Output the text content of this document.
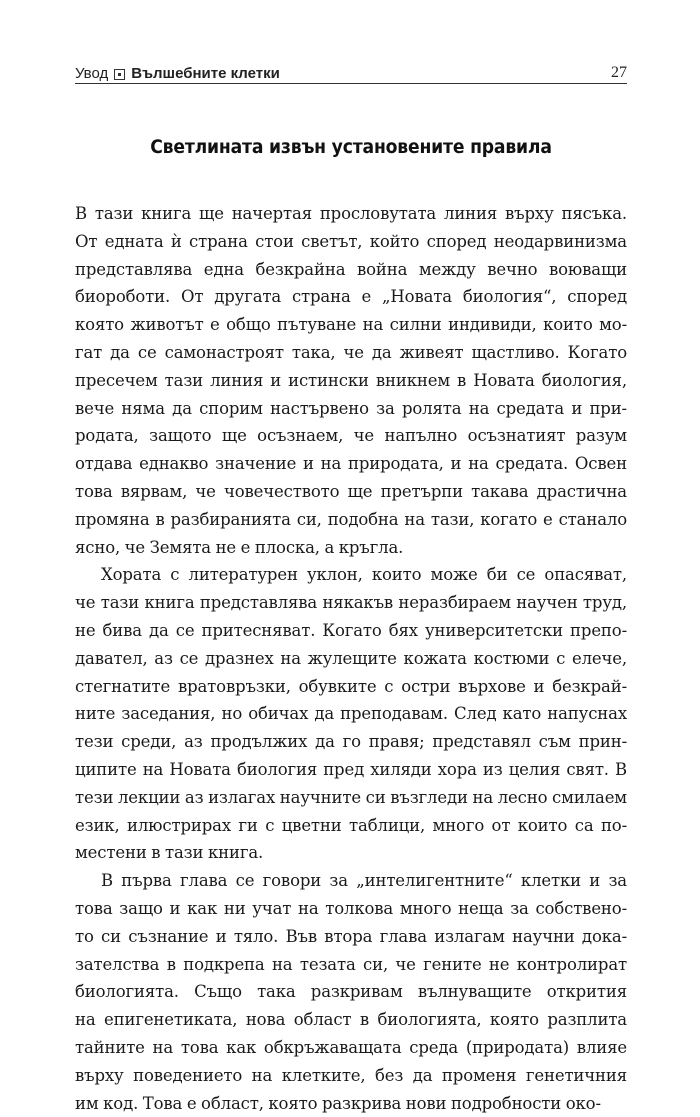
Увод Вълшебните клетки	27
Светлината извън установените правила
В тази книга ще начертая прословутата линия върху пясъка.
От едната ѝ страна стои светът, който според неодарвинизма
представлява една безкрайна война между вечно воюващи
биороботи. От другата страна е „Новата биология“, според
която животът е общо пътуване на силни индивиди, които мо-
гат да се самонастроят така, че да живеят щастливо. Когато
пресечем тази линия и истински вникнем в Новата биология,
вече няма да спорим настървено за ролята на средата и при-
родата, защото ще осъзнаем, че напълно осъзнатият разум
отдава еднакво значение и на природата, и на средата. Освен
това вярвам, че човечеството ще претърпи такава драстична
промяна в разбиранията си, подобна на тази, когато е станало
ясно, че Земята не е плоска, а кръгла.
Хората с литературен уклон, които може би се опасяват,
че тази книга представлява някакъв неразбираем научен труд,
не бива да се притесняват. Когато бях университетски препо-
давател, аз се дразнех на жулещите кожата костюми с елече,
стегнатите вратовръзки, обувките с остри върхове и безкрай-
ните заседания, но обичах да преподавам. След като напуснах
тези среди, аз продължих да го правя; представял съм прин-
ципите на Новата биология пред хиляди хора из целия свят. В
тези лекции аз излагах научните си възгледи на лесно смилаем
език, илюстрирах ги с цветни таблици, много от които са по-
местени в тази книга.
В първа глава се говори за „интелигентните“ клетки и за
това защо и как ни учат на толкова много неща за собствено-
то си съзнание и тяло. Във втора глава излагам научни дока-
зателства в подкрепа на тезата си, че гените не контролират
биологията. Също така разкривам вълнуващите открития
на епигенетиката, нова област в биологията, която разплита
тайните на това как обкръжаващата среда (природата) влияе
върху поведението на клетките, без да променя генетичния
им код. Това е област, която разкрива нови подробности око-
